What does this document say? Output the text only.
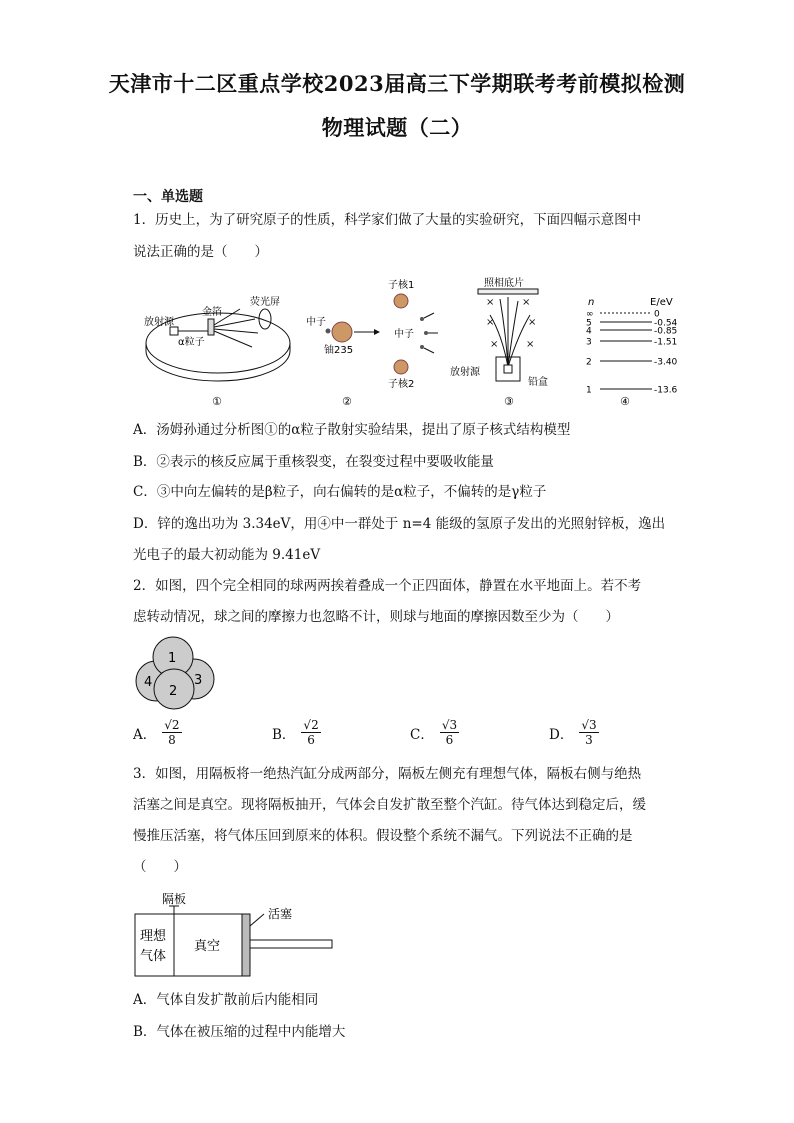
天津市十二区重点学校2023届高三下学期联考考前模拟检测
物理试题（二）
一、单选题
1．历史上，为了研究原子的性质，科学家们做了大量的实验研究，下面四幅示意图中
说法正确的是（　　）
放射源
金箔
荧光屏
α粒子
①
子核1
中子
铀235
中子
子核2
②
照相底片
×	×
×	×
×	×
放射源
铅盒
③
n	E/eV
∞	0
5	-0.54
4	-0.85
3	-1.51
2	-3.40
1	-13.6
④
A．汤姆孙通过分析图①的α粒子散射实验结果，提出了原子核式结构模型
B．②表示的核反应属于重核裂变，在裂变过程中要吸收能量
C．③中向左偏转的是β粒子，向右偏转的是α粒子，不偏转的是γ粒子
D．锌的逸出功为 3.34eV，用④中一群处于 n=4 能级的氢原子发出的光照射锌板，逸出
光电子的最大初动能为 9.41eV
2．如图，四个完全相同的球两两挨着叠成一个正四面体，静置在水平地面上。若不考
虑转动情况，球之间的摩擦力也忽略不计，则球与地面的摩擦因数至少为（　　）
1
2
3
4
A． $\frac{√2}{8}$	B． $\frac{√2}{6}$	C． $\frac{√3}{6}$	D． $\frac{√3}{3}$
3．如图，用隔板将一绝热汽缸分成两部分，隔板左侧充有理想气体，隔板右侧与绝热
活塞之间是真空。现将隔板抽开，气体会自发扩散至整个汽缸。待气体达到稳定后，缓
慢推压活塞，将气体压回到原来的体积。假设整个系统不漏气。下列说法不正确的是
（　　）
隔板
活塞
理想
气体
真空
A．气体自发扩散前后内能相同
B．气体在被压缩的过程中内能增大
